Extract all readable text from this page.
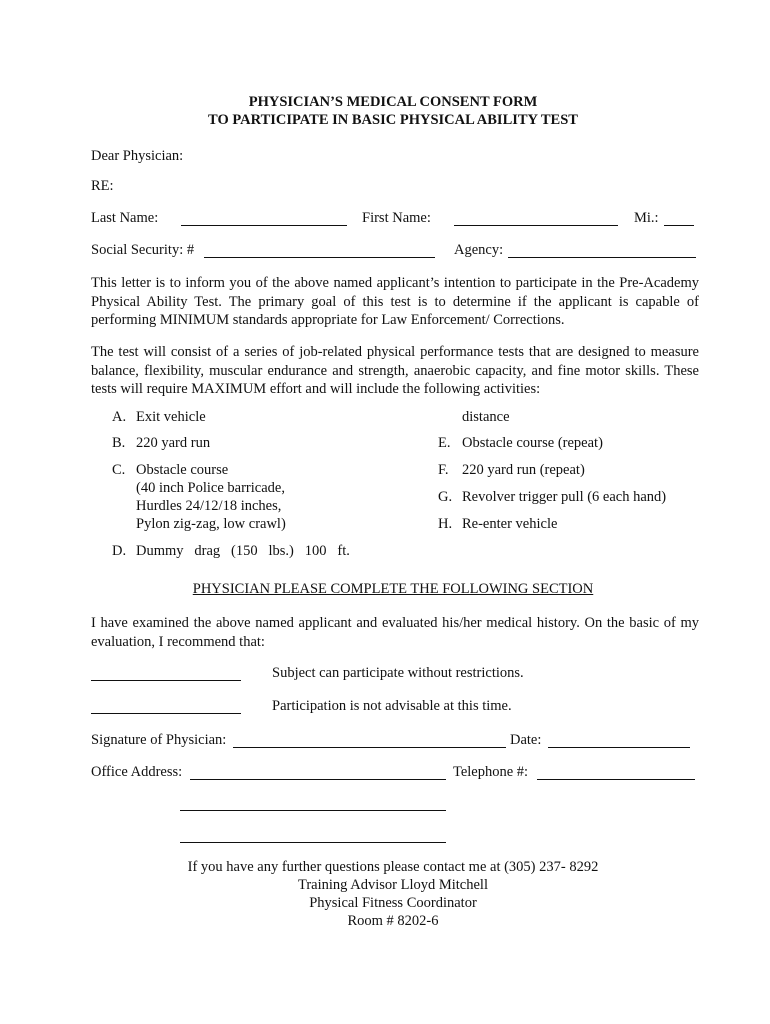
PHYSICIAN’S MEDICAL CONSENT FORM
TO PARTICIPATE IN BASIC PHYSICAL ABILITY TEST
Dear Physician:
RE:
Last Name:	First Name:	Mi.:
Social Security: #	Agency:

This letter is to inform you of the above named applicant’s intention to participate in the Pre-Academy Physical Ability Test. The primary goal of this test is to determine if the applicant is capable of performing MINIMUM standards appropriate for Law Enforcement/ Corrections.

The test will consist of a series of job-related physical performance tests that are designed to measure balance, flexibility, muscular endurance and strength, anaerobic capacity, and fine motor skills. These tests will require MAXIMUM effort and will include the following activities:

A. Exit vehicle
B. 220 yard run
C. Obstacle course
(40 inch Police barricade,
Hurdles 24/12/18 inches,
Pylon zig-zag, low crawl)
D. Dummy   drag   (150   lbs.)   100   ft.
distance
E. Obstacle course (repeat)
F. 220 yard run (repeat)
G. Revolver trigger pull (6 each hand)
H. Re-enter vehicle
PHYSICIAN PLEASE COMPLETE THE FOLLOWING SECTION

I have examined the above named applicant and evaluated his/her medical history. On the basic of my evaluation, I recommend that:

Subject can participate without restrictions.
Participation is not advisable at this time.
Signature of Physician:	Date:
Office Address:	Telephone #:
If you have any further questions please contact me at (305) 237- 8292
Training Advisor Lloyd Mitchell
Physical Fitness Coordinator
Room # 8202-6
